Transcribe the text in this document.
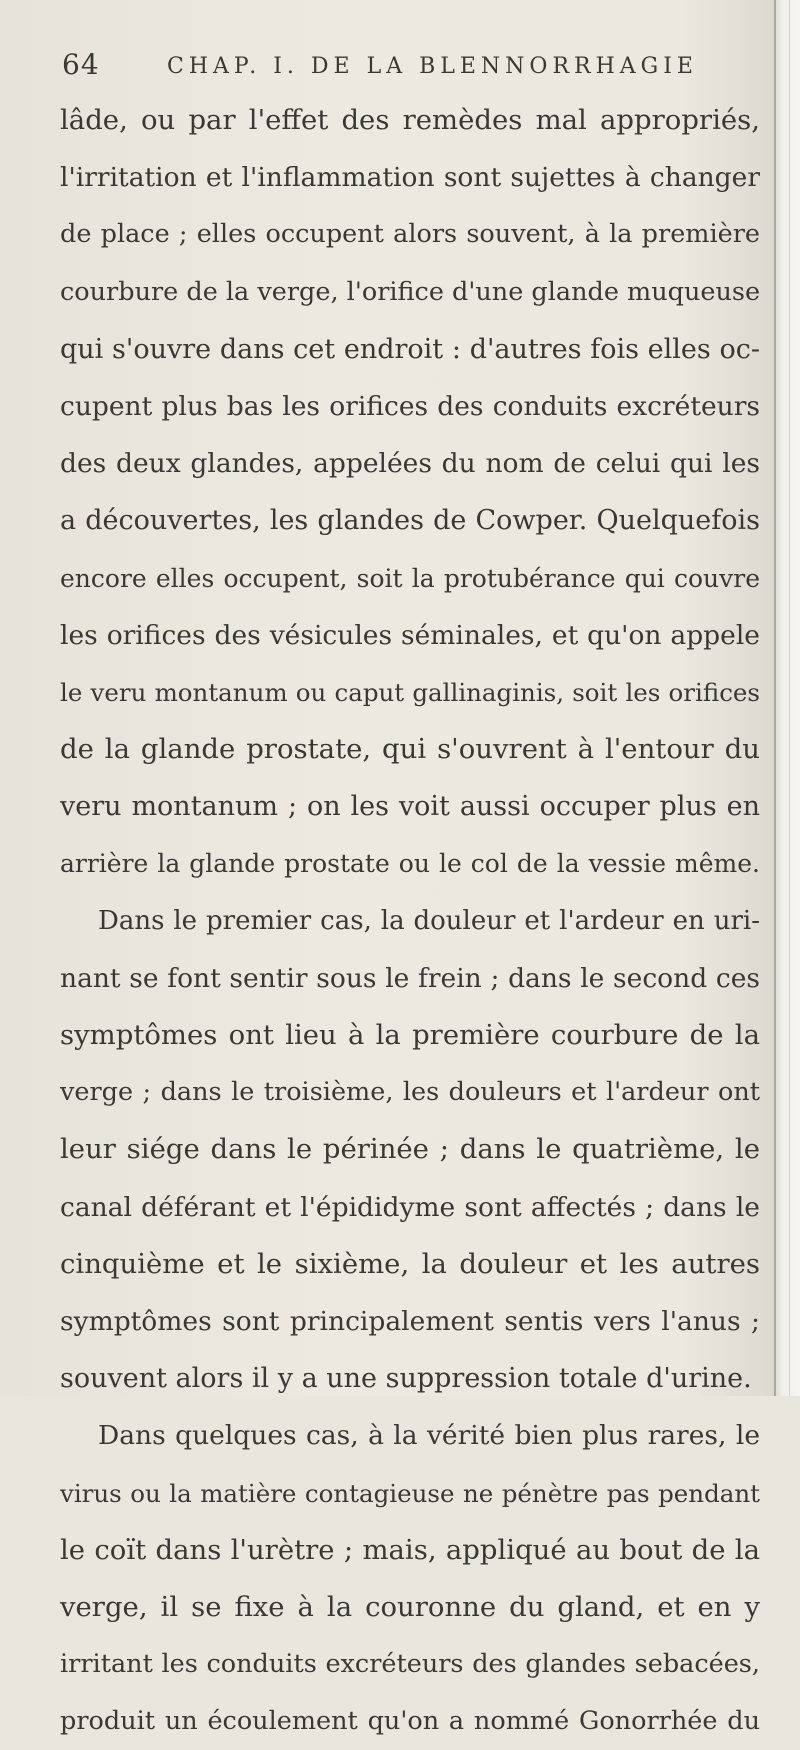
64	CHAP. I. DE LA BLENNORRHAGIE
lâde, ou par l'effet des remèdes mal appropriés,
l'irritation et l'inflammation sont sujettes à changer
de place ; elles occupent alors souvent, à la première
courbure de la verge, l'orifice d'une glande muqueuse
qui s'ouvre dans cet endroit : d'autres fois elles oc-
cupent plus bas les orifices des conduits excréteurs
des deux glandes, appelées du nom de celui qui les
a découvertes, les glandes de Cowper. Quelquefois
encore elles occupent, soit la protubérance qui couvre
les orifices des vésicules séminales, et qu'on appele
le veru montanum ou caput gallinaginis, soit les orifices
de la glande prostate, qui s'ouvrent à l'entour du
veru montanum ; on les voit aussi occuper plus en
arrière la glande prostate ou le col de la vessie même.
Dans le premier cas, la douleur et l'ardeur en uri-
nant se font sentir sous le frein ; dans le second ces
symptômes ont lieu à la première courbure de la
verge ; dans le troisième, les douleurs et l'ardeur ont
leur siége dans le périnée ; dans le quatrième, le
canal déférant et l'épididyme sont affectés ; dans le
cinquième et le sixième, la douleur et les autres
symptômes sont principalement sentis vers l'anus ;
souvent alors il y a une suppression totale d'urine.
Dans quelques cas, à la vérité bien plus rares, le
virus ou la matière contagieuse ne pénètre pas pendant
le coït dans l'urètre ; mais, appliqué au bout de la
verge, il se fixe à la couronne du gland, et en y
irritant les conduits excréteurs des glandes sebacées,
produit un écoulement qu'on a nommé Gonorrhée du
